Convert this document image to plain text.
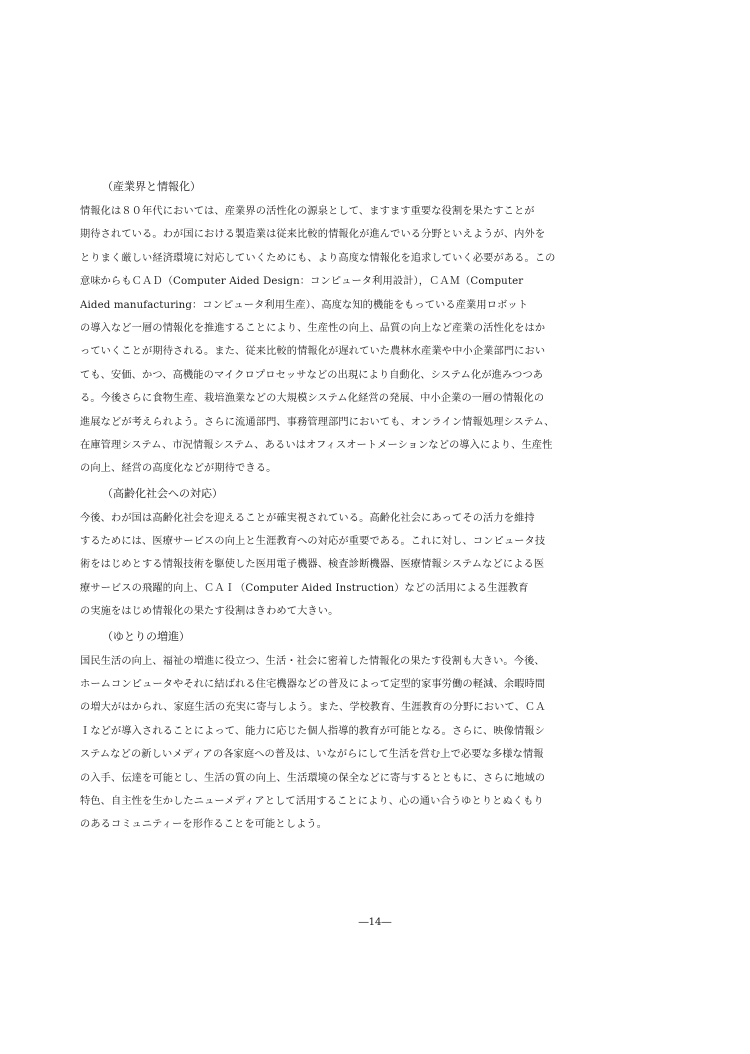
（産業界と情報化）
情報化は８０年代においては、産業界の活性化の源泉として、ますます重要な役割を果たすことが
期待されている。わが国における製造業は従来比較的情報化が進んでいる分野といえようが、内外を
とりまく厳しい経済環境に対応していくためにも、より高度な情報化を追求していく必要がある。この
意味からもＣＡＤ（Computer Aided Design：コンピュータ利用設計），ＣＡＭ（Computer
Aided manufacturing：コンピュータ利用生産）、高度な知的機能をもっている産業用ロボット
の導入など一層の情報化を推進することにより、生産性の向上、品質の向上など産業の活性化をはか
っていくことが期待される。また、従来比較的情報化が遅れていた農林水産業や中小企業部門におい
ても、安価、かつ、高機能のマイクロプロセッサなどの出現により自動化、システム化が進みつつあ
る。今後さらに食物生産、栽培漁業などの大規模システム化経営の発展、中小企業の一層の情報化の
進展などが考えられよう。さらに流通部門、事務管理部門においても、オンライン情報処理システム、
在庫管理システム、市況情報システム、あるいはオフィスオートメーションなどの導入により、生産性
の向上、経営の高度化などが期待できる。
（高齢化社会への対応）
今後、わが国は高齢化社会を迎えることが確実視されている。高齢化社会にあってその活力を維持
するためには、医療サービスの向上と生涯教育への対応が重要である。これに対し、コンピュータ技
術をはじめとする情報技術を駆使した医用電子機器、検査診断機器、医療情報システムなどによる医
療サービスの飛躍的向上、ＣＡＩ（Computer Aided Instruction）などの活用による生涯教育
の実施をはじめ情報化の果たす役割はきわめて大きい。
（ゆとりの増進）
国民生活の向上、福祉の増進に役立つ、生活・社会に密着した情報化の果たす役割も大きい。今後、
ホームコンピュータやそれに結ばれる住宅機器などの普及によって定型的家事労働の軽減、余暇時間
の増大がはかられ、家庭生活の充実に寄与しよう。また、学校教育、生涯教育の分野において、ＣＡ
Ｉなどが導入されることによって、能力に応じた個人指導的教育が可能となる。さらに、映像情報シ
ステムなどの新しいメディアの各家庭への普及は、いながらにして生活を営む上で必要な多様な情報
の入手、伝達を可能とし、生活の質の向上、生活環境の保全などに寄与するとともに、さらに地域の
特色、自主性を生かしたニューメディアとして活用することにより、心の通い合うゆとりとぬくもり
のあるコミュニティーを形作ることを可能としよう。
―14―
